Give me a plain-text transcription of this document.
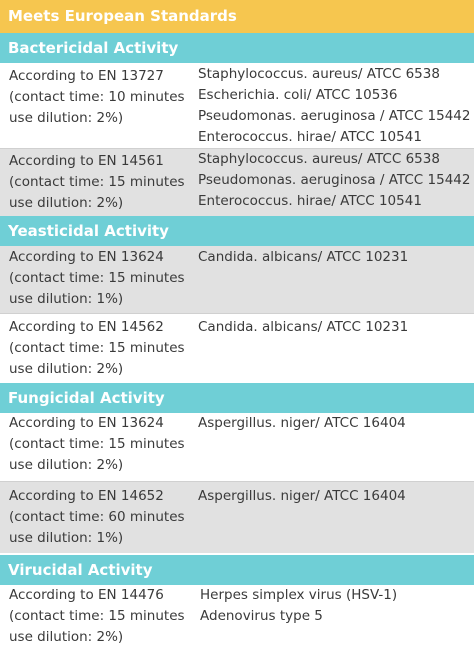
Meets European Standards
Bactericidal Activity
According to EN 13727
(contact time: 10 minutes
use dilution: 2%)
Staphylococcus. aureus/ ATCC 6538
Escherichia. coli/ ATCC 10536
Pseudomonas. aeruginosa / ATCC 15442
Enterococcus. hirae/ ATCC 10541
According to EN 14561
(contact time: 15 minutes
use dilution: 2%)
Staphylococcus. aureus/ ATCC 6538
Pseudomonas. aeruginosa / ATCC 15442
Enterococcus. hirae/ ATCC 10541
Yeasticidal Activity
According to EN 13624
(contact time: 15 minutes
use dilution: 1%)
Candida. albicans/ ATCC 10231
According to EN 14562
(contact time: 15 minutes
use dilution: 2%)
Candida. albicans/ ATCC 10231
Fungicidal Activity
According to EN 13624
(contact time: 15 minutes
use dilution: 2%)
Aspergillus. niger/ ATCC 16404
According to EN 14652
(contact time: 60 minutes
use dilution: 1%)
Aspergillus. niger/ ATCC 16404
Virucidal Activity
According to EN 14476
(contact time: 15 minutes
use dilution: 2%)
Herpes simplex virus (HSV-1)
Adenovirus type 5
